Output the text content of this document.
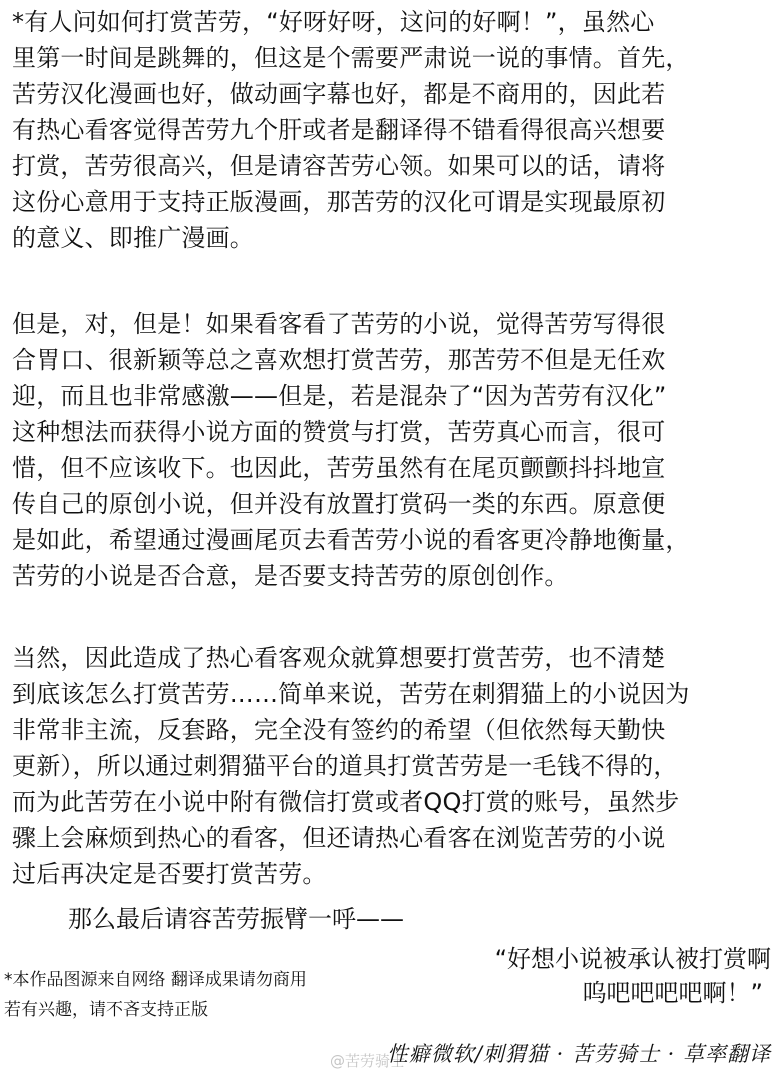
*有人问如何打赏苦劳，“好呀好呀，这问的好啊！”，虽然心
里第一时间是跳舞的，但这是个需要严肃说一说的事情。首先，
苦劳汉化漫画也好，做动画字幕也好，都是不商用的，因此若
有热心看客觉得苦劳九个肝或者是翻译得不错看得很高兴想要
打赏，苦劳很高兴，但是请容苦劳心领。如果可以的话，请将
这份心意用于支持正版漫画，那苦劳的汉化可谓是实现最原初
的意义、即推广漫画。
但是，对，但是！如果看客看了苦劳的小说，觉得苦劳写得很
合胃口、很新颖等总之喜欢想打赏苦劳，那苦劳不但是无任欢
迎，而且也非常感激——但是，若是混杂了“因为苦劳有汉化”
这种想法而获得小说方面的赞赏与打赏，苦劳真心而言，很可
惜，但不应该收下。也因此，苦劳虽然有在尾页颤颤抖抖地宣
传自己的原创小说，但并没有放置打赏码一类的东西。原意便
是如此，希望通过漫画尾页去看苦劳小说的看客更冷静地衡量，
苦劳的小说是否合意，是否要支持苦劳的原创创作。
当然，因此造成了热心看客观众就算想要打赏苦劳，也不清楚
到底该怎么打赏苦劳……简单来说，苦劳在刺猬猫上的小说因为
非常非主流，反套路，完全没有签约的希望（但依然每天勤快
更新），所以通过刺猬猫平台的道具打赏苦劳是一毛钱不得的，
而为此苦劳在小说中附有微信打赏或者QQ打赏的账号，虽然步
骤上会麻烦到热心的看客，但还请热心看客在浏览苦劳的小说
过后再决定是否要打赏苦劳。
那么最后请容苦劳振臂一呼——
“好想小说被承认被打赏啊
呜吧吧吧吧啊！”
*本作品图源来自网络 翻译成果请勿商用
若有兴趣，请不吝支持正版
@苦劳骑士
性癖微软/刺猬猫 · 苦劳骑士 · 草率翻译
